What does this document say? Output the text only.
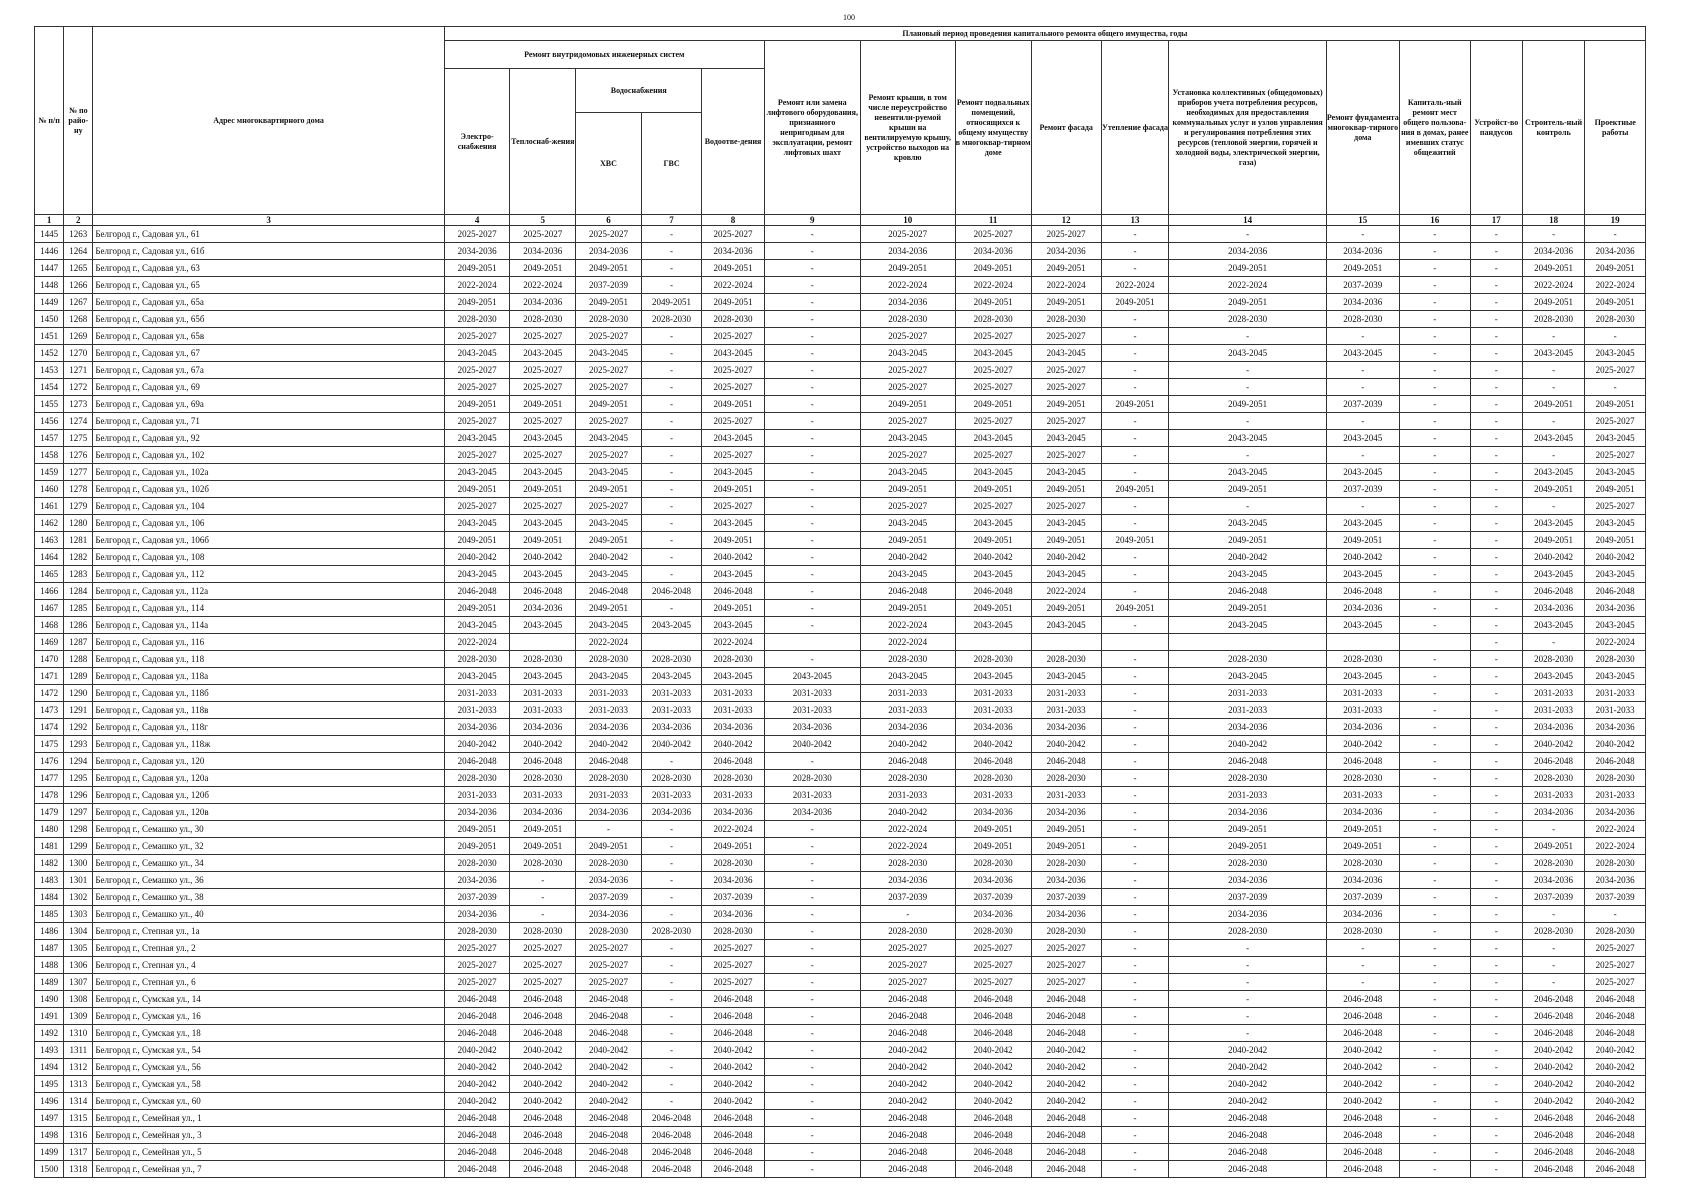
100
№ п/п	№ по райо-ну	Адрес многоквартирного дома	Плановый период проведения капитального ремонта общего имущества, годы															
			Ремонт внутридомовых инженерных систем					Ремонт или замена лифтового оборудования, признанного непригодным для эксплуатации, ремонт лифтовых шахт	Ремонт крыши, в том числе переустройство невентили-руемой крыши на вентилируемую крышу, устройство выходов на кровлю	Ремонт подвальных помещений, относящихся к общему имуществу в многоквар-тирном доме	Ремонт фасада	Утепление фасада	Установка коллективных (общедомовых) приборов учета потребления ресурсов, необходимых для предоставления коммунальных услуг и узлов управления и регулирования потребления этих ресурсов (тепловой энергии, горячей и холодной воды, электрической энергии, газа)	Ремонт фундамента многоквар-тирного дома	Капиталь-ный ремонт мест общего пользова-ния в домах, ранее имевших статус общежитий	Устройст-во пандусов	Строитель-ный контроль	Проектные работы
			Электро-снабжения	Теплоснаб-жения	Водоснабжения		Водоотве-дения											
					ХВС	ГВС												
1	2	3	4	5	6	7	8	9	10	11	12	13	14	15	16	17	18	19
1445	1263	Белгород г., Садовая ул., 61	2025-2027	2025-2027	2025-2027	-	2025-2027	-	2025-2027	2025-2027	2025-2027	-	-	-	-	-	-	-
1446	1264	Белгород г., Садовая ул., 61б	2034-2036	2034-2036	2034-2036	-	2034-2036	-	2034-2036	2034-2036	2034-2036	-	2034-2036	2034-2036	-	-	2034-2036	2034-2036
1447	1265	Белгород г., Садовая ул., 63	2049-2051	2049-2051	2049-2051	-	2049-2051	-	2049-2051	2049-2051	2049-2051	-	2049-2051	2049-2051	-	-	2049-2051	2049-2051
1448	1266	Белгород г., Садовая ул., 65	2022-2024	2022-2024	2037-2039	-	2022-2024	-	2022-2024	2022-2024	2022-2024	2022-2024	2022-2024	2037-2039	-	-	2022-2024	2022-2024
1449	1267	Белгород г., Садовая ул., 65а	2049-2051	2034-2036	2049-2051	2049-2051	2049-2051	-	2034-2036	2049-2051	2049-2051	2049-2051	2049-2051	2034-2036	-	-	2049-2051	2049-2051
1450	1268	Белгород г., Садовая ул., 65б	2028-2030	2028-2030	2028-2030	2028-2030	2028-2030	-	2028-2030	2028-2030	2028-2030	-	2028-2030	2028-2030	-	-	2028-2030	2028-2030
1451	1269	Белгород г., Садовая ул., 65в	2025-2027	2025-2027	2025-2027	-	2025-2027	-	2025-2027	2025-2027	2025-2027	-	-	-	-	-	-	-
1452	1270	Белгород г., Садовая ул., 67	2043-2045	2043-2045	2043-2045	-	2043-2045	-	2043-2045	2043-2045	2043-2045	-	2043-2045	2043-2045	-	-	2043-2045	2043-2045
1453	1271	Белгород г., Садовая ул., 67а	2025-2027	2025-2027	2025-2027	-	2025-2027	-	2025-2027	2025-2027	2025-2027	-	-	-	-	-	-	2025-2027
1454	1272	Белгород г., Садовая ул., 69	2025-2027	2025-2027	2025-2027	-	2025-2027	-	2025-2027	2025-2027	2025-2027	-	-	-	-	-	-	-
1455	1273	Белгород г., Садовая ул., 69а	2049-2051	2049-2051	2049-2051	-	2049-2051	-	2049-2051	2049-2051	2049-2051	2049-2051	2049-2051	2037-2039	-	-	2049-2051	2049-2051
1456	1274	Белгород г., Садовая ул., 71	2025-2027	2025-2027	2025-2027	-	2025-2027	-	2025-2027	2025-2027	2025-2027	-	-	-	-	-	-	2025-2027
1457	1275	Белгород г., Садовая ул., 92	2043-2045	2043-2045	2043-2045	-	2043-2045	-	2043-2045	2043-2045	2043-2045	-	2043-2045	2043-2045	-	-	2043-2045	2043-2045
1458	1276	Белгород г., Садовая ул., 102	2025-2027	2025-2027	2025-2027	-	2025-2027	-	2025-2027	2025-2027	2025-2027	-	-	-	-	-	-	2025-2027
1459	1277	Белгород г., Садовая ул., 102а	2043-2045	2043-2045	2043-2045	-	2043-2045	-	2043-2045	2043-2045	2043-2045	-	2043-2045	2043-2045	-	-	2043-2045	2043-2045
1460	1278	Белгород г., Садовая ул., 102б	2049-2051	2049-2051	2049-2051	-	2049-2051	-	2049-2051	2049-2051	2049-2051	2049-2051	2049-2051	2037-2039	-	-	2049-2051	2049-2051
1461	1279	Белгород г., Садовая ул., 104	2025-2027	2025-2027	2025-2027	-	2025-2027	-	2025-2027	2025-2027	2025-2027	-	-	-	-	-	-	2025-2027
1462	1280	Белгород г., Садовая ул., 106	2043-2045	2043-2045	2043-2045	-	2043-2045	-	2043-2045	2043-2045	2043-2045	-	2043-2045	2043-2045	-	-	2043-2045	2043-2045
1463	1281	Белгород г., Садовая ул., 106б	2049-2051	2049-2051	2049-2051	-	2049-2051	-	2049-2051	2049-2051	2049-2051	2049-2051	2049-2051	2049-2051	-	-	2049-2051	2049-2051
1464	1282	Белгород г., Садовая ул., 108	2040-2042	2040-2042	2040-2042	-	2040-2042	-	2040-2042	2040-2042	2040-2042	-	2040-2042	2040-2042	-	-	2040-2042	2040-2042
1465	1283	Белгород г., Садовая ул., 112	2043-2045	2043-2045	2043-2045	-	2043-2045	-	2043-2045	2043-2045	2043-2045	-	2043-2045	2043-2045	-	-	2043-2045	2043-2045
1466	1284	Белгород г., Садовая ул., 112а	2046-2048	2046-2048	2046-2048	2046-2048	2046-2048	-	2046-2048	2046-2048	2022-2024	-	2046-2048	2046-2048	-	-	2046-2048	2046-2048
1467	1285	Белгород г., Садовая ул., 114	2049-2051	2034-2036	2049-2051	-	2049-2051	-	2049-2051	2049-2051	2049-2051	2049-2051	2049-2051	2034-2036	-	-	2034-2036	2034-2036
1468	1286	Белгород г., Садовая ул., 114а	2043-2045	2043-2045	2043-2045	2043-2045	2043-2045	-	2022-2024	2043-2045	2043-2045	-	2043-2045	2043-2045	-	-	2043-2045	2043-2045
1469	1287	Белгород г., Садовая ул., 116	2022-2024		2022-2024		2022-2024		2022-2024							-	-	2022-2024
1470	1288	Белгород г., Садовая ул., 118	2028-2030	2028-2030	2028-2030	2028-2030	2028-2030	-	2028-2030	2028-2030	2028-2030	-	2028-2030	2028-2030	-	-	2028-2030	2028-2030
1471	1289	Белгород г., Садовая ул., 118а	2043-2045	2043-2045	2043-2045	2043-2045	2043-2045	2043-2045	2043-2045	2043-2045	2043-2045	-	2043-2045	2043-2045	-	-	2043-2045	2043-2045
1472	1290	Белгород г., Садовая ул., 118б	2031-2033	2031-2033	2031-2033	2031-2033	2031-2033	2031-2033	2031-2033	2031-2033	2031-2033	-	2031-2033	2031-2033	-	-	2031-2033	2031-2033
1473	1291	Белгород г., Садовая ул., 118в	2031-2033	2031-2033	2031-2033	2031-2033	2031-2033	2031-2033	2031-2033	2031-2033	2031-2033	-	2031-2033	2031-2033	-	-	2031-2033	2031-2033
1474	1292	Белгород г., Садовая ул., 118г	2034-2036	2034-2036	2034-2036	2034-2036	2034-2036	2034-2036	2034-2036	2034-2036	2034-2036	-	2034-2036	2034-2036	-	-	2034-2036	2034-2036
1475	1293	Белгород г., Садовая ул., 118ж	2040-2042	2040-2042	2040-2042	2040-2042	2040-2042	2040-2042	2040-2042	2040-2042	2040-2042	-	2040-2042	2040-2042	-	-	2040-2042	2040-2042
1476	1294	Белгород г., Садовая ул., 120	2046-2048	2046-2048	2046-2048	-	2046-2048	-	2046-2048	2046-2048	2046-2048	-	2046-2048	2046-2048	-	-	2046-2048	2046-2048
1477	1295	Белгород г., Садовая ул., 120а	2028-2030	2028-2030	2028-2030	2028-2030	2028-2030	2028-2030	2028-2030	2028-2030	2028-2030	-	2028-2030	2028-2030	-	-	2028-2030	2028-2030
1478	1296	Белгород г., Садовая ул., 120б	2031-2033	2031-2033	2031-2033	2031-2033	2031-2033	2031-2033	2031-2033	2031-2033	2031-2033	-	2031-2033	2031-2033	-	-	2031-2033	2031-2033
1479	1297	Белгород г., Садовая ул., 120в	2034-2036	2034-2036	2034-2036	2034-2036	2034-2036	2034-2036	2040-2042	2034-2036	2034-2036	-	2034-2036	2034-2036	-	-	2034-2036	2034-2036
1480	1298	Белгород г., Семашко ул., 30	2049-2051	2049-2051	-	-	2022-2024	-	2022-2024	2049-2051	2049-2051	-	2049-2051	2049-2051	-	-	-	2022-2024
1481	1299	Белгород г., Семашко ул., 32	2049-2051	2049-2051	2049-2051	-	2049-2051	-	2022-2024	2049-2051	2049-2051	-	2049-2051	2049-2051	-	-	2049-2051	2022-2024
1482	1300	Белгород г., Семашко ул., 34	2028-2030	2028-2030	2028-2030	-	2028-2030	-	2028-2030	2028-2030	2028-2030	-	2028-2030	2028-2030	-	-	2028-2030	2028-2030
1483	1301	Белгород г., Семашко ул., 36	2034-2036	-	2034-2036	-	2034-2036	-	2034-2036	2034-2036	2034-2036	-	2034-2036	2034-2036	-	-	2034-2036	2034-2036
1484	1302	Белгород г., Семашко ул., 38	2037-2039	-	2037-2039	-	2037-2039	-	2037-2039	2037-2039	2037-2039	-	2037-2039	2037-2039	-	-	2037-2039	2037-2039
1485	1303	Белгород г., Семашко ул., 40	2034-2036	-	2034-2036	-	2034-2036	-	-	2034-2036	2034-2036	-	2034-2036	2034-2036	-	-	-	-
1486	1304	Белгород г., Степная ул., 1а	2028-2030	2028-2030	2028-2030	2028-2030	2028-2030	-	2028-2030	2028-2030	2028-2030	-	2028-2030	2028-2030	-	-	2028-2030	2028-2030
1487	1305	Белгород г., Степная ул., 2	2025-2027	2025-2027	2025-2027	-	2025-2027	-	2025-2027	2025-2027	2025-2027	-	-	-	-	-	-	2025-2027
1488	1306	Белгород г., Степная ул., 4	2025-2027	2025-2027	2025-2027	-	2025-2027	-	2025-2027	2025-2027	2025-2027	-	-	-	-	-	-	2025-2027
1489	1307	Белгород г., Степная ул., 6	2025-2027	2025-2027	2025-2027	-	2025-2027	-	2025-2027	2025-2027	2025-2027	-	-	-	-	-	-	2025-2027
1490	1308	Белгород г., Сумская ул., 14	2046-2048	2046-2048	2046-2048	-	2046-2048	-	2046-2048	2046-2048	2046-2048	-	-	2046-2048	-	-	2046-2048	2046-2048
1491	1309	Белгород г., Сумская ул., 16	2046-2048	2046-2048	2046-2048	-	2046-2048	-	2046-2048	2046-2048	2046-2048	-	-	2046-2048	-	-	2046-2048	2046-2048
1492	1310	Белгород г., Сумская ул., 18	2046-2048	2046-2048	2046-2048	-	2046-2048	-	2046-2048	2046-2048	2046-2048	-	-	2046-2048	-	-	2046-2048	2046-2048
1493	1311	Белгород г., Сумская ул., 54	2040-2042	2040-2042	2040-2042	-	2040-2042	-	2040-2042	2040-2042	2040-2042	-	2040-2042	2040-2042	-	-	2040-2042	2040-2042
1494	1312	Белгород г., Сумская ул., 56	2040-2042	2040-2042	2040-2042	-	2040-2042	-	2040-2042	2040-2042	2040-2042	-	2040-2042	2040-2042	-	-	2040-2042	2040-2042
1495	1313	Белгород г., Сумская ул., 58	2040-2042	2040-2042	2040-2042	-	2040-2042	-	2040-2042	2040-2042	2040-2042	-	2040-2042	2040-2042	-	-	2040-2042	2040-2042
1496	1314	Белгород г., Сумская ул., 60	2040-2042	2040-2042	2040-2042	-	2040-2042	-	2040-2042	2040-2042	2040-2042	-	2040-2042	2040-2042	-	-	2040-2042	2040-2042
1497	1315	Белгород г., Семейная ул., 1	2046-2048	2046-2048	2046-2048	2046-2048	2046-2048	-	2046-2048	2046-2048	2046-2048	-	2046-2048	2046-2048	-	-	2046-2048	2046-2048
1498	1316	Белгород г., Семейная ул., 3	2046-2048	2046-2048	2046-2048	2046-2048	2046-2048	-	2046-2048	2046-2048	2046-2048	-	2046-2048	2046-2048	-	-	2046-2048	2046-2048
1499	1317	Белгород г., Семейная ул., 5	2046-2048	2046-2048	2046-2048	2046-2048	2046-2048	-	2046-2048	2046-2048	2046-2048	-	2046-2048	2046-2048	-	-	2046-2048	2046-2048
1500	1318	Белгород г., Семейная ул., 7	2046-2048	2046-2048	2046-2048	2046-2048	2046-2048	-	2046-2048	2046-2048	2046-2048	-	2046-2048	2046-2048	-	-	2046-2048	2046-2048
